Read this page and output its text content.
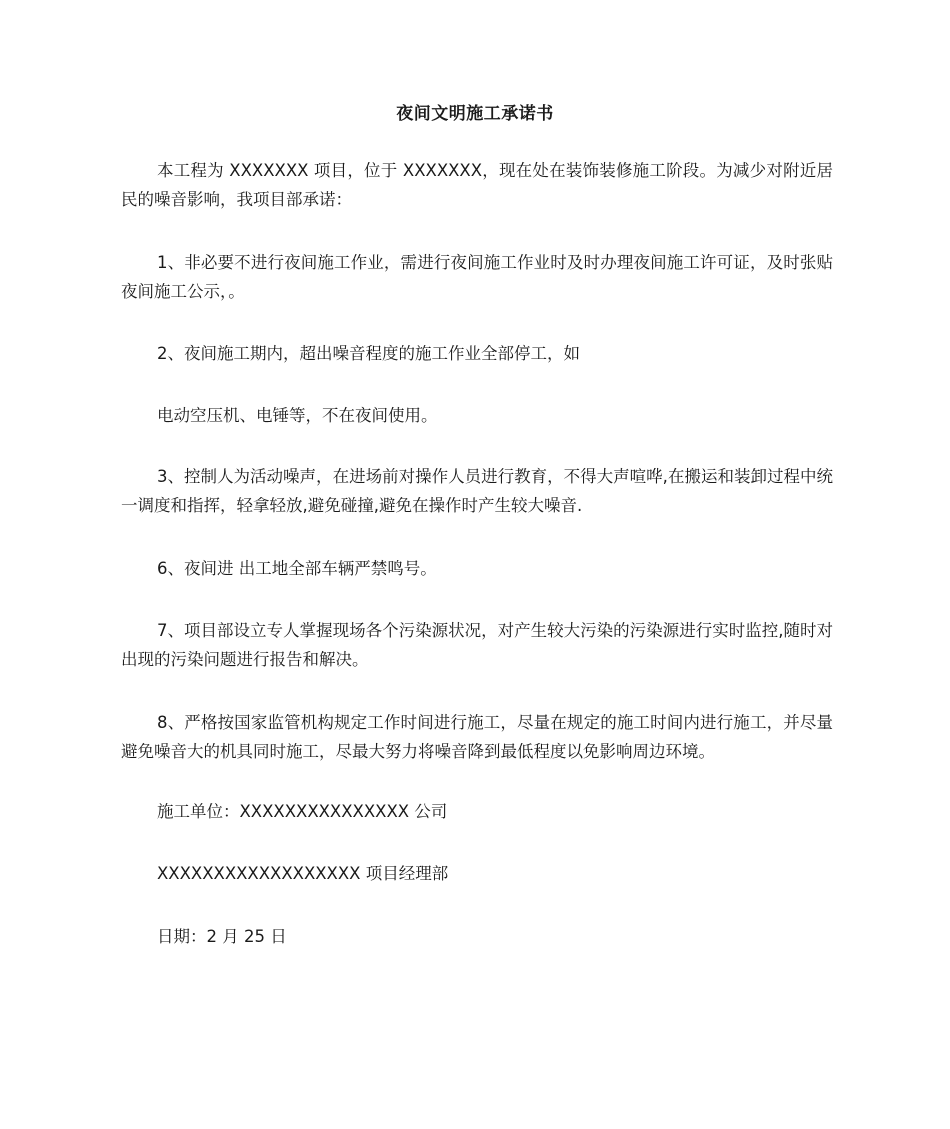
夜间文明施工承诺书

本工程为 XXXXXXX 项目，位于 XXXXXXX，现在处在装饰装修施工阶段。为减少对附近居民的噪音影响，我项目部承诺：

1、非必要不进行夜间施工作业，需进行夜间施工作业时及时办理夜间施工许可证，及时张贴夜间施工公示，。

2、夜间施工期内，超出噪音程度的施工作业全部停工，如

电动空压机、电锤等，不在夜间使用。

3、控制人为活动噪声，在进场前对操作人员进行教育，不得大声喧哗,在搬运和装卸过程中统一调度和指挥，轻拿轻放,避免碰撞,避免在操作时产生较大噪音.

6、夜间进 出工地全部车辆严禁鸣号。

7、项目部设立专人掌握现场各个污染源状况，对产生较大污染的污染源进行实时监控,随时对出现的污染问题进行报告和解决。

8、严格按国家监管机构规定工作时间进行施工，尽量在规定的施工时间内进行施工，并尽量避免噪音大的机具同时施工，尽最大努力将噪音降到最低程度以免影响周边环境。

施工单位：XXXXXXXXXXXXXXX 公司

XXXXXXXXXXXXXXXXXX 项目经理部

日期：2 月 25 日
